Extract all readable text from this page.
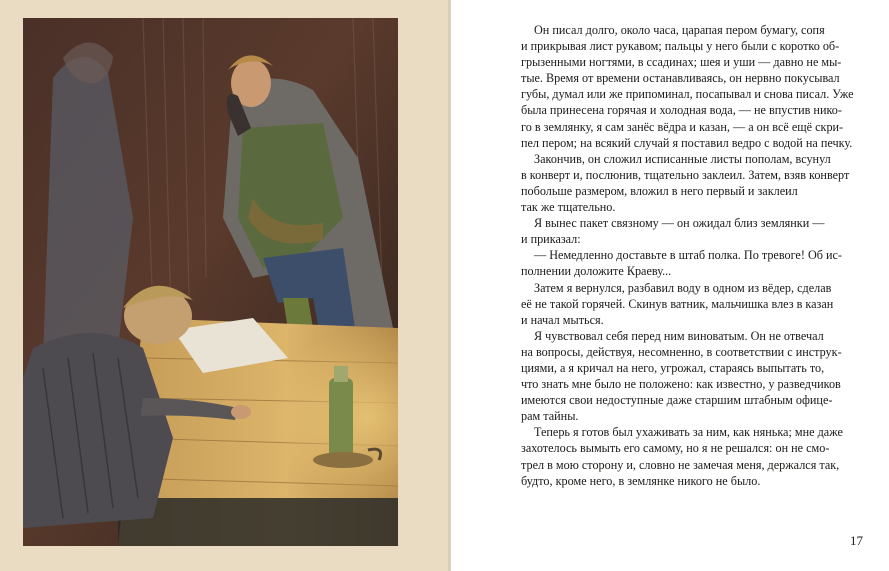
Он писал долго, около часа, царапая пером бумагу, сопя
и прикрывая лист рукавом; пальцы у него были с коротко об-
грызенными ногтями, в ссадинах; шея и уши — давно не мы-
тые. Время от времени останавливаясь, он нервно покусывал
губы, думал или же припоминал, посапывал и снова писал. Уже
была принесена горячая и холодная вода, — не впустив нико-
го в землянку, я сам занёс вёдра и казан, — а он всё ещё скри-
пел пером; на всякий случай я поставил ведро с водой на печку.

Закончив, он сложил исписанные листы пополам, всунул
в конверт и, послюнив, тщательно заклеил. Затем, взяв конверт
побольше размером, вложил в него первый и заклеил
так же тщательно.

Я вынес пакет связному — он ожидал близ землянки —
и приказал:

— Немедленно доставьте в штаб полка. По тревоге! Об ис-
полнении доложите Краеву...

Затем я вернулся, разбавил воду в одном из вёдер, сделав
её не такой горячей. Скинув ватник, мальчишка влез в казан
и начал мыться.

Я чувствовал себя перед ним виноватым. Он не отвечал
на вопросы, действуя, несомненно, в соответствии с инструк-
циями, а я кричал на него, угрожал, стараясь выпытать то,
что знать мне было не положено: как известно, у разведчиков
имеются свои недоступные даже старшим штабным офице-
рам тайны.

Теперь я готов был ухаживать за ним, как нянька; мне даже
захотелось вымыть его самому, но я не решался: он не смо-
трел в мою сторону и, словно не замечая меня, держался так,
будто, кроме него, в землянке никого не было.

17
